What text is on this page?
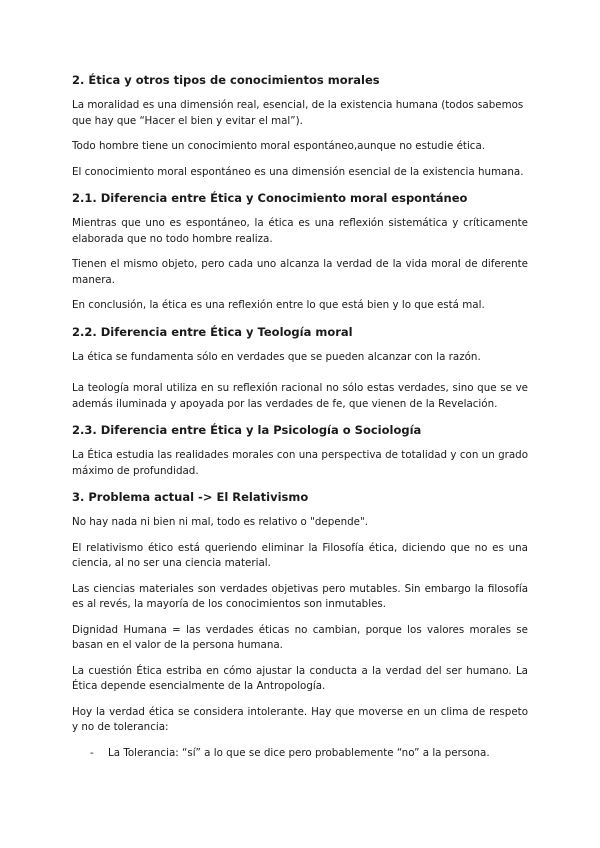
2. Ética y otros tipos de conocimientos morales

La moralidad es una dimensión real, esencial, de la existencia humana (todos sabemos que hay que “Hacer el bien y evitar el mal”).

Todo hombre tiene un conocimiento moral espontáneo,aunque no estudie ética.

El conocimiento moral espontáneo es una dimensión esencial de la existencia humana.

2.1. Diferencia entre Ética y Conocimiento moral espontáneo

Mientras que uno es espontáneo, la ética es una reflexión sistemática y críticamente elaborada que no todo hombre realiza.

Tienen el mismo objeto, pero cada uno alcanza la verdad de la vida moral de diferente manera.

En conclusión, la ética es una reflexión entre lo que está bien y lo que está mal.

2.2. Diferencia entre Ética y Teología moral

La ética se fundamenta sólo en verdades que se pueden alcanzar con la razón.

La teología moral utiliza en su reflexión racional no sólo estas verdades, sino que se ve además iluminada y apoyada por las verdades de fe, que vienen de la Revelación.

2.3. Diferencia entre Ética y la Psicología o Sociología

La Ética estudia las realidades morales con una perspectiva de totalidad y con un grado máximo de profundidad.

3. Problema actual -> El Relativismo

No hay nada ni bien ni mal, todo es relativo o "depende".

El relativismo ético está queriendo eliminar la Filosofía ética, diciendo que no es una ciencia, al no ser una ciencia material.

Las ciencias materiales son verdades objetivas pero mutables. Sin embargo la filosofía es al revés, la mayoría de los conocimientos son inmutables.

Dignidad Humana = las verdades éticas no cambian, porque los valores morales se basan en el valor de la persona humana.

La cuestión Ética estriba en cómo ajustar la conducta a la verdad del ser humano. La Ética depende esencialmente de la Antropología.

Hoy la verdad ética se considera intolerante. Hay que moverse en un clima de respeto y no de tolerancia:

- La Tolerancia: “sí” a lo que se dice pero probablemente “no” a la persona.
